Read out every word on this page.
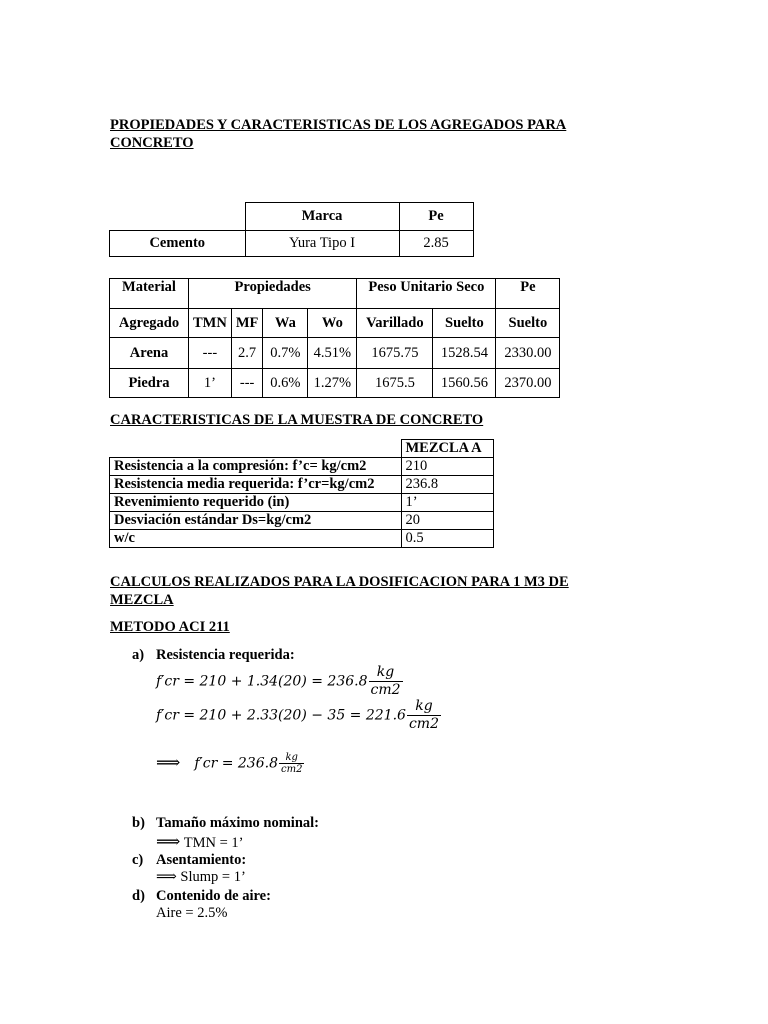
PROPIEDADES Y CARACTERISTICAS DE LOS AGREGADOS PARA
CONCRETO
	Marca	Pe
Cemento	Yura Tipo I	2.85
Material	Propiedades				Peso Unitario Seco		Pe
Agregado	TMN	MF	Wa	Wo	Varillado	Suelto	Suelto
Arena	---	2.7	0.7%	4.51%	1675.75	1528.54	2330.00
Piedra	1’	---	0.6%	1.27%	1675.5	1560.56	2370.00
CARACTERISTICAS DE LA MUESTRA DE CONCRETO
	MEZCLA A
Resistencia a la compresión: f’c= kg/cm2	210
Resistencia media requerida: f’cr=kg/cm2	236.8
Revenimiento requerido (in)	1’
Desviación estándar Ds=kg/cm2	20
w/c	0.5
CALCULOS REALIZADOS PARA LA DOSIFICACION PARA 1 M3 DE
MEZCLA
METODO ACI 211
a) Resistencia requerida:
$f'cr = 210 + 1.34(20) = 236.8 \frac{kg}{cm2}$
$f'cr = 210 + 2.33(20) - 35 = 221.6 \frac{kg}{cm2}$
⟹ $f'cr = 236.8 \frac{kg}{cm2}$
b) Tamaño máximo nominal:
⟹ TMN = 1’
c) Asentamiento:
⟹ Slump = 1’
d) Contenido de aire:
Aire = 2.5%
